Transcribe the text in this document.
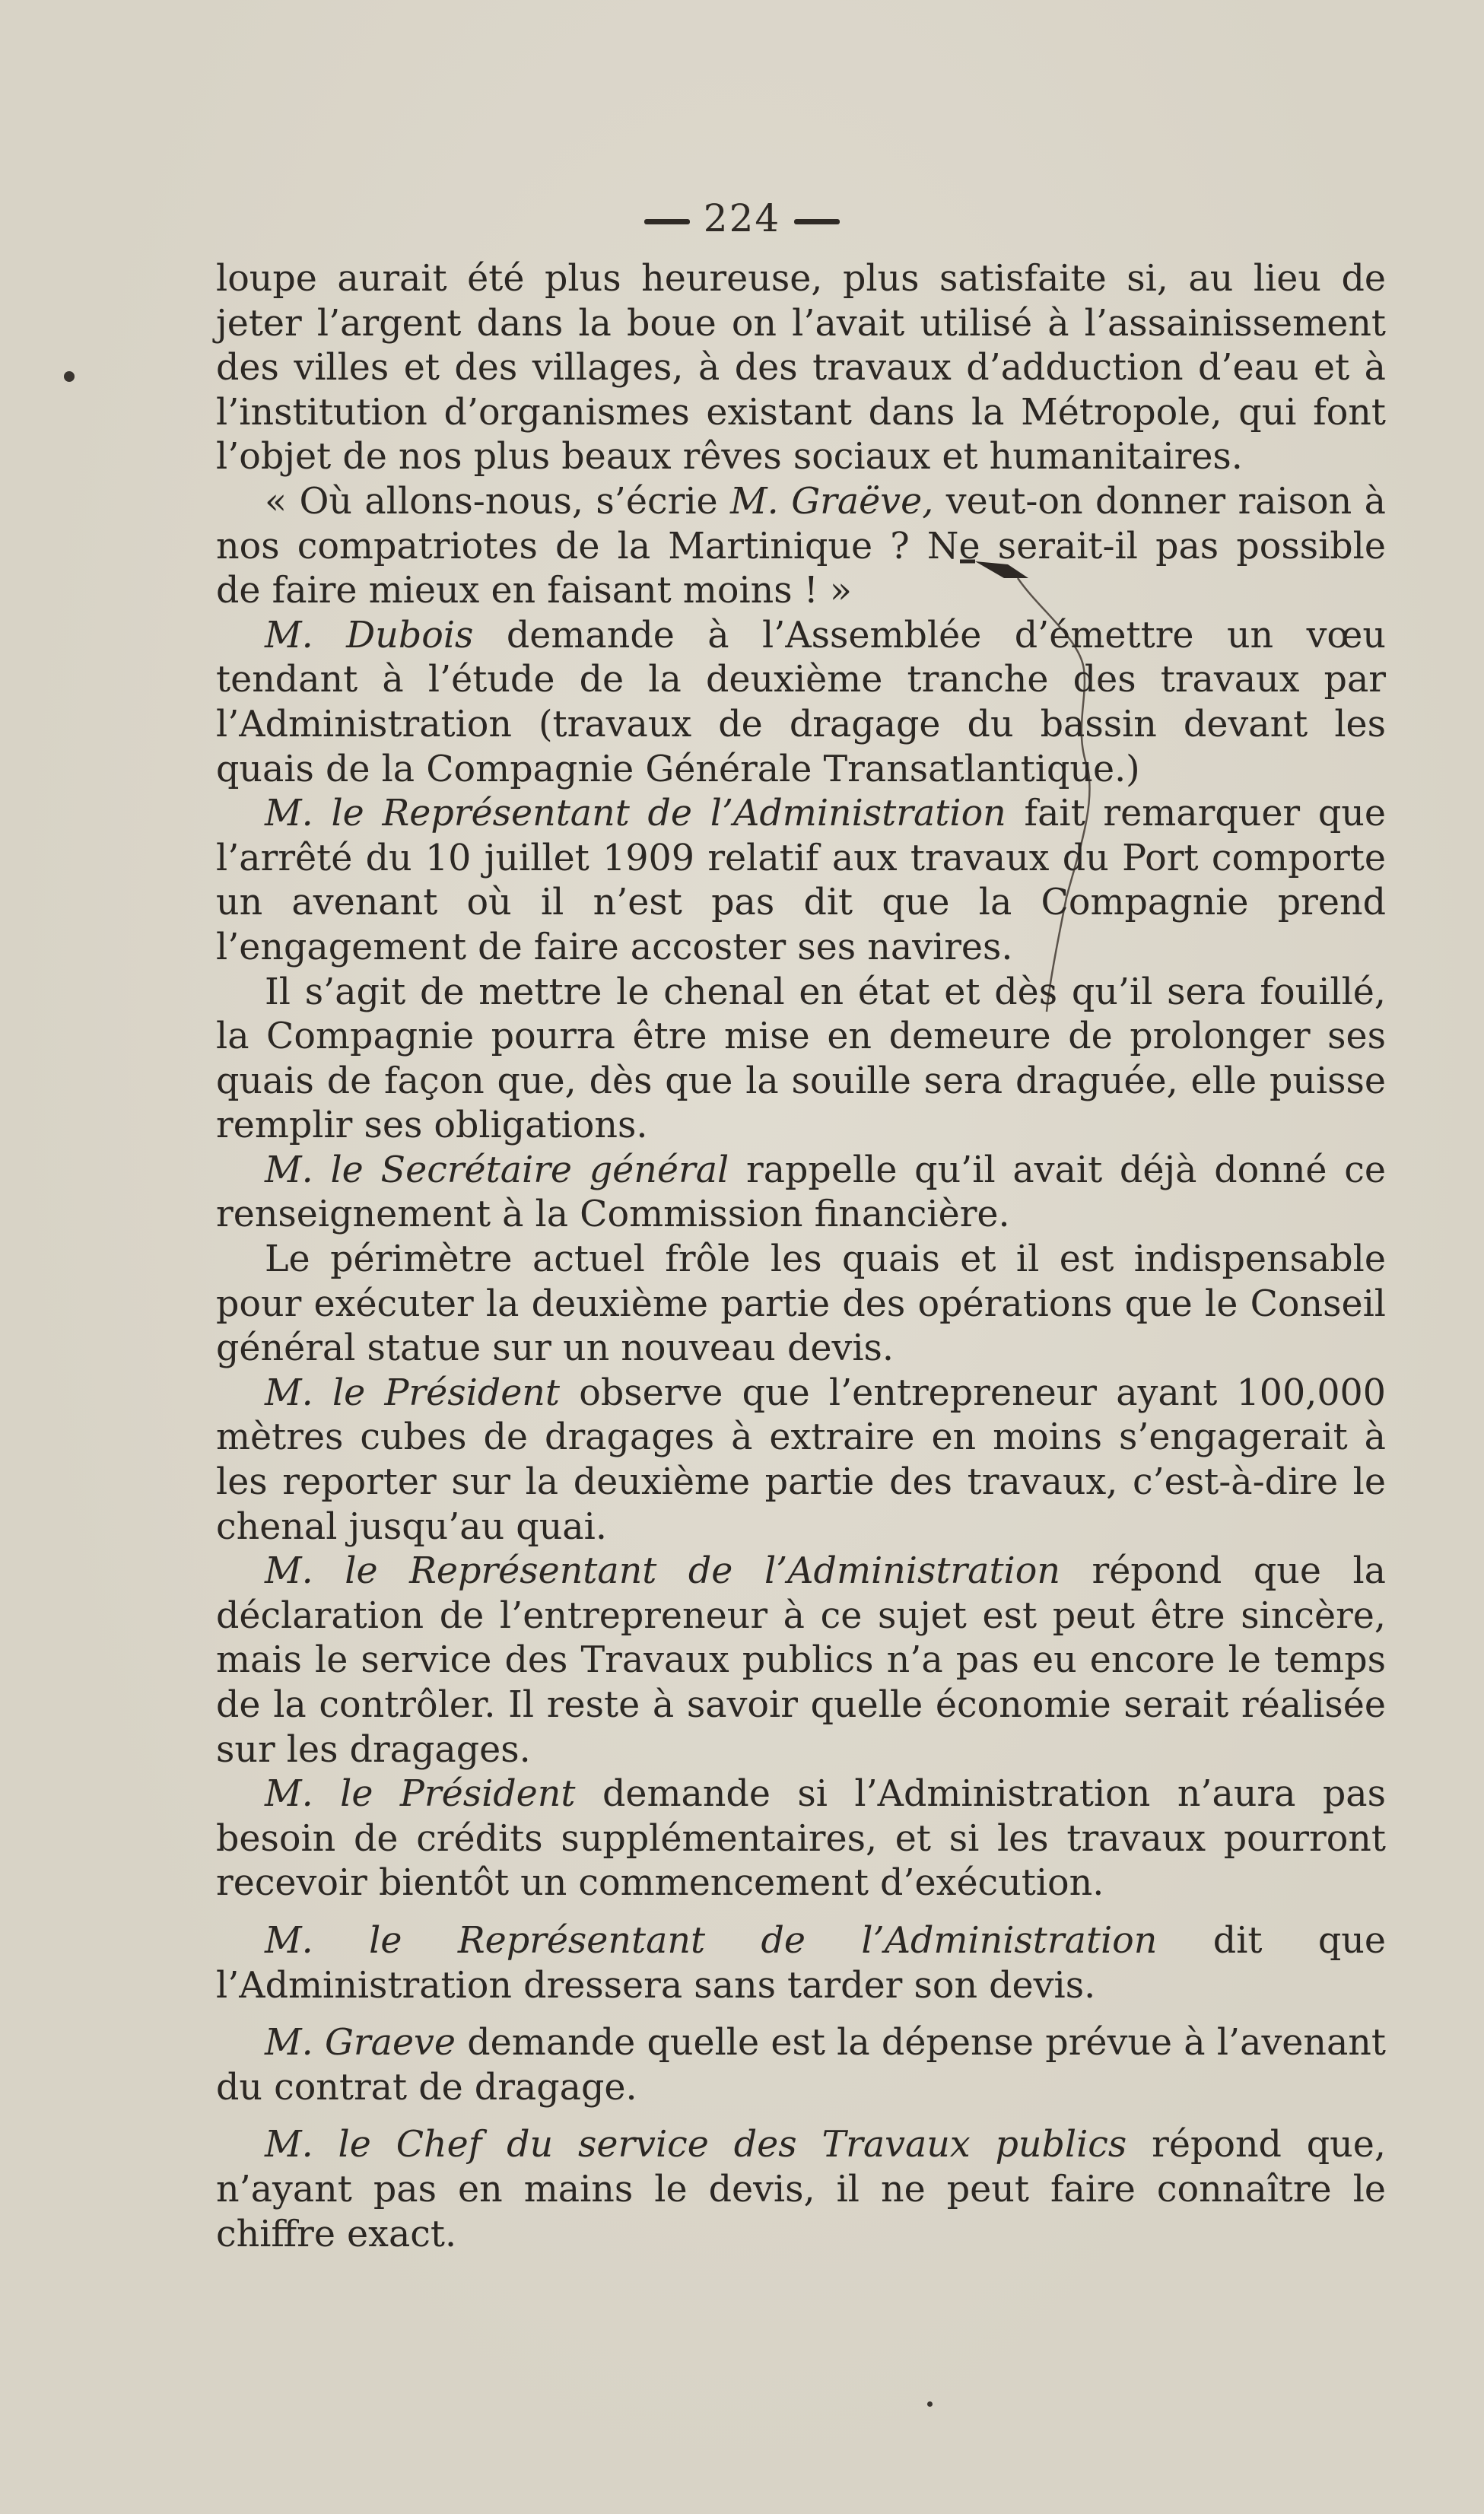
224

loupe aurait été plus heureuse, plus satisfaite si, au lieu de jeter l’argent dans la boue on l’avait utilisé à l’assainissement des villes et des villages, à des travaux d’adduction d’eau et à l’institution d’organismes existant dans la Métropole, qui font l’objet de nos plus beaux rêves sociaux et humanitaires.

« Où allons-nous, s’écrie M. Graëve, veut-on donner raison à nos compatriotes de la Martinique ? Ne serait-il pas possible de faire mieux en faisant moins ! »

M. Dubois demande à l’Assemblée d’émettre un vœu tendant à l’étude de la deuxième tranche des travaux par l’Administration (travaux de dragage du bassin devant les quais de la Compagnie Générale Transatlantique.)

M. le Représentant de l’Administration fait remarquer que l’arrêté du 10 juillet 1909 relatif aux travaux du Port comporte un avenant où il n’est pas dit que la Compagnie prend l’engagement de faire accoster ses navires.

Il s’agit de mettre le chenal en état et dès qu’il sera fouillé, la Compagnie pourra être mise en demeure de prolonger ses quais de façon que, dès que la souille sera draguée, elle puisse remplir ses obligations.

M. le Secrétaire général rappelle qu’il avait déjà donné ce renseignement à la Commission financière.

Le périmètre actuel frôle les quais et il est indispensable pour exécuter la deuxième partie des opérations que le Conseil général statue sur un nouveau devis.

M. le Président observe que l’entrepreneur ayant 100,000 mètres cubes de dragages à extraire en moins s’engagerait à les reporter sur la deuxième partie des travaux, c’est-à-dire le chenal jusqu’au quai.

M. le Représentant de l’Administration répond que la déclaration de l’entrepreneur à ce sujet est peut être sincère, mais le service des Travaux publics n’a pas eu encore le temps de la contrôler. Il reste à savoir quelle économie serait réalisée sur les dragages.

M. le Président demande si l’Administration n’aura pas besoin de crédits supplémentaires, et si les travaux pourront recevoir bientôt un commencement d’exécution.

M. le Représentant de l’Administration dit que l’Administration dressera sans tarder son devis.

M. Graeve demande quelle est la dépense prévue à l’avenant du contrat de dragage.

M. le Chef du service des Travaux publics répond que, n’ayant pas en mains le devis, il ne peut faire connaître le chiffre exact.
